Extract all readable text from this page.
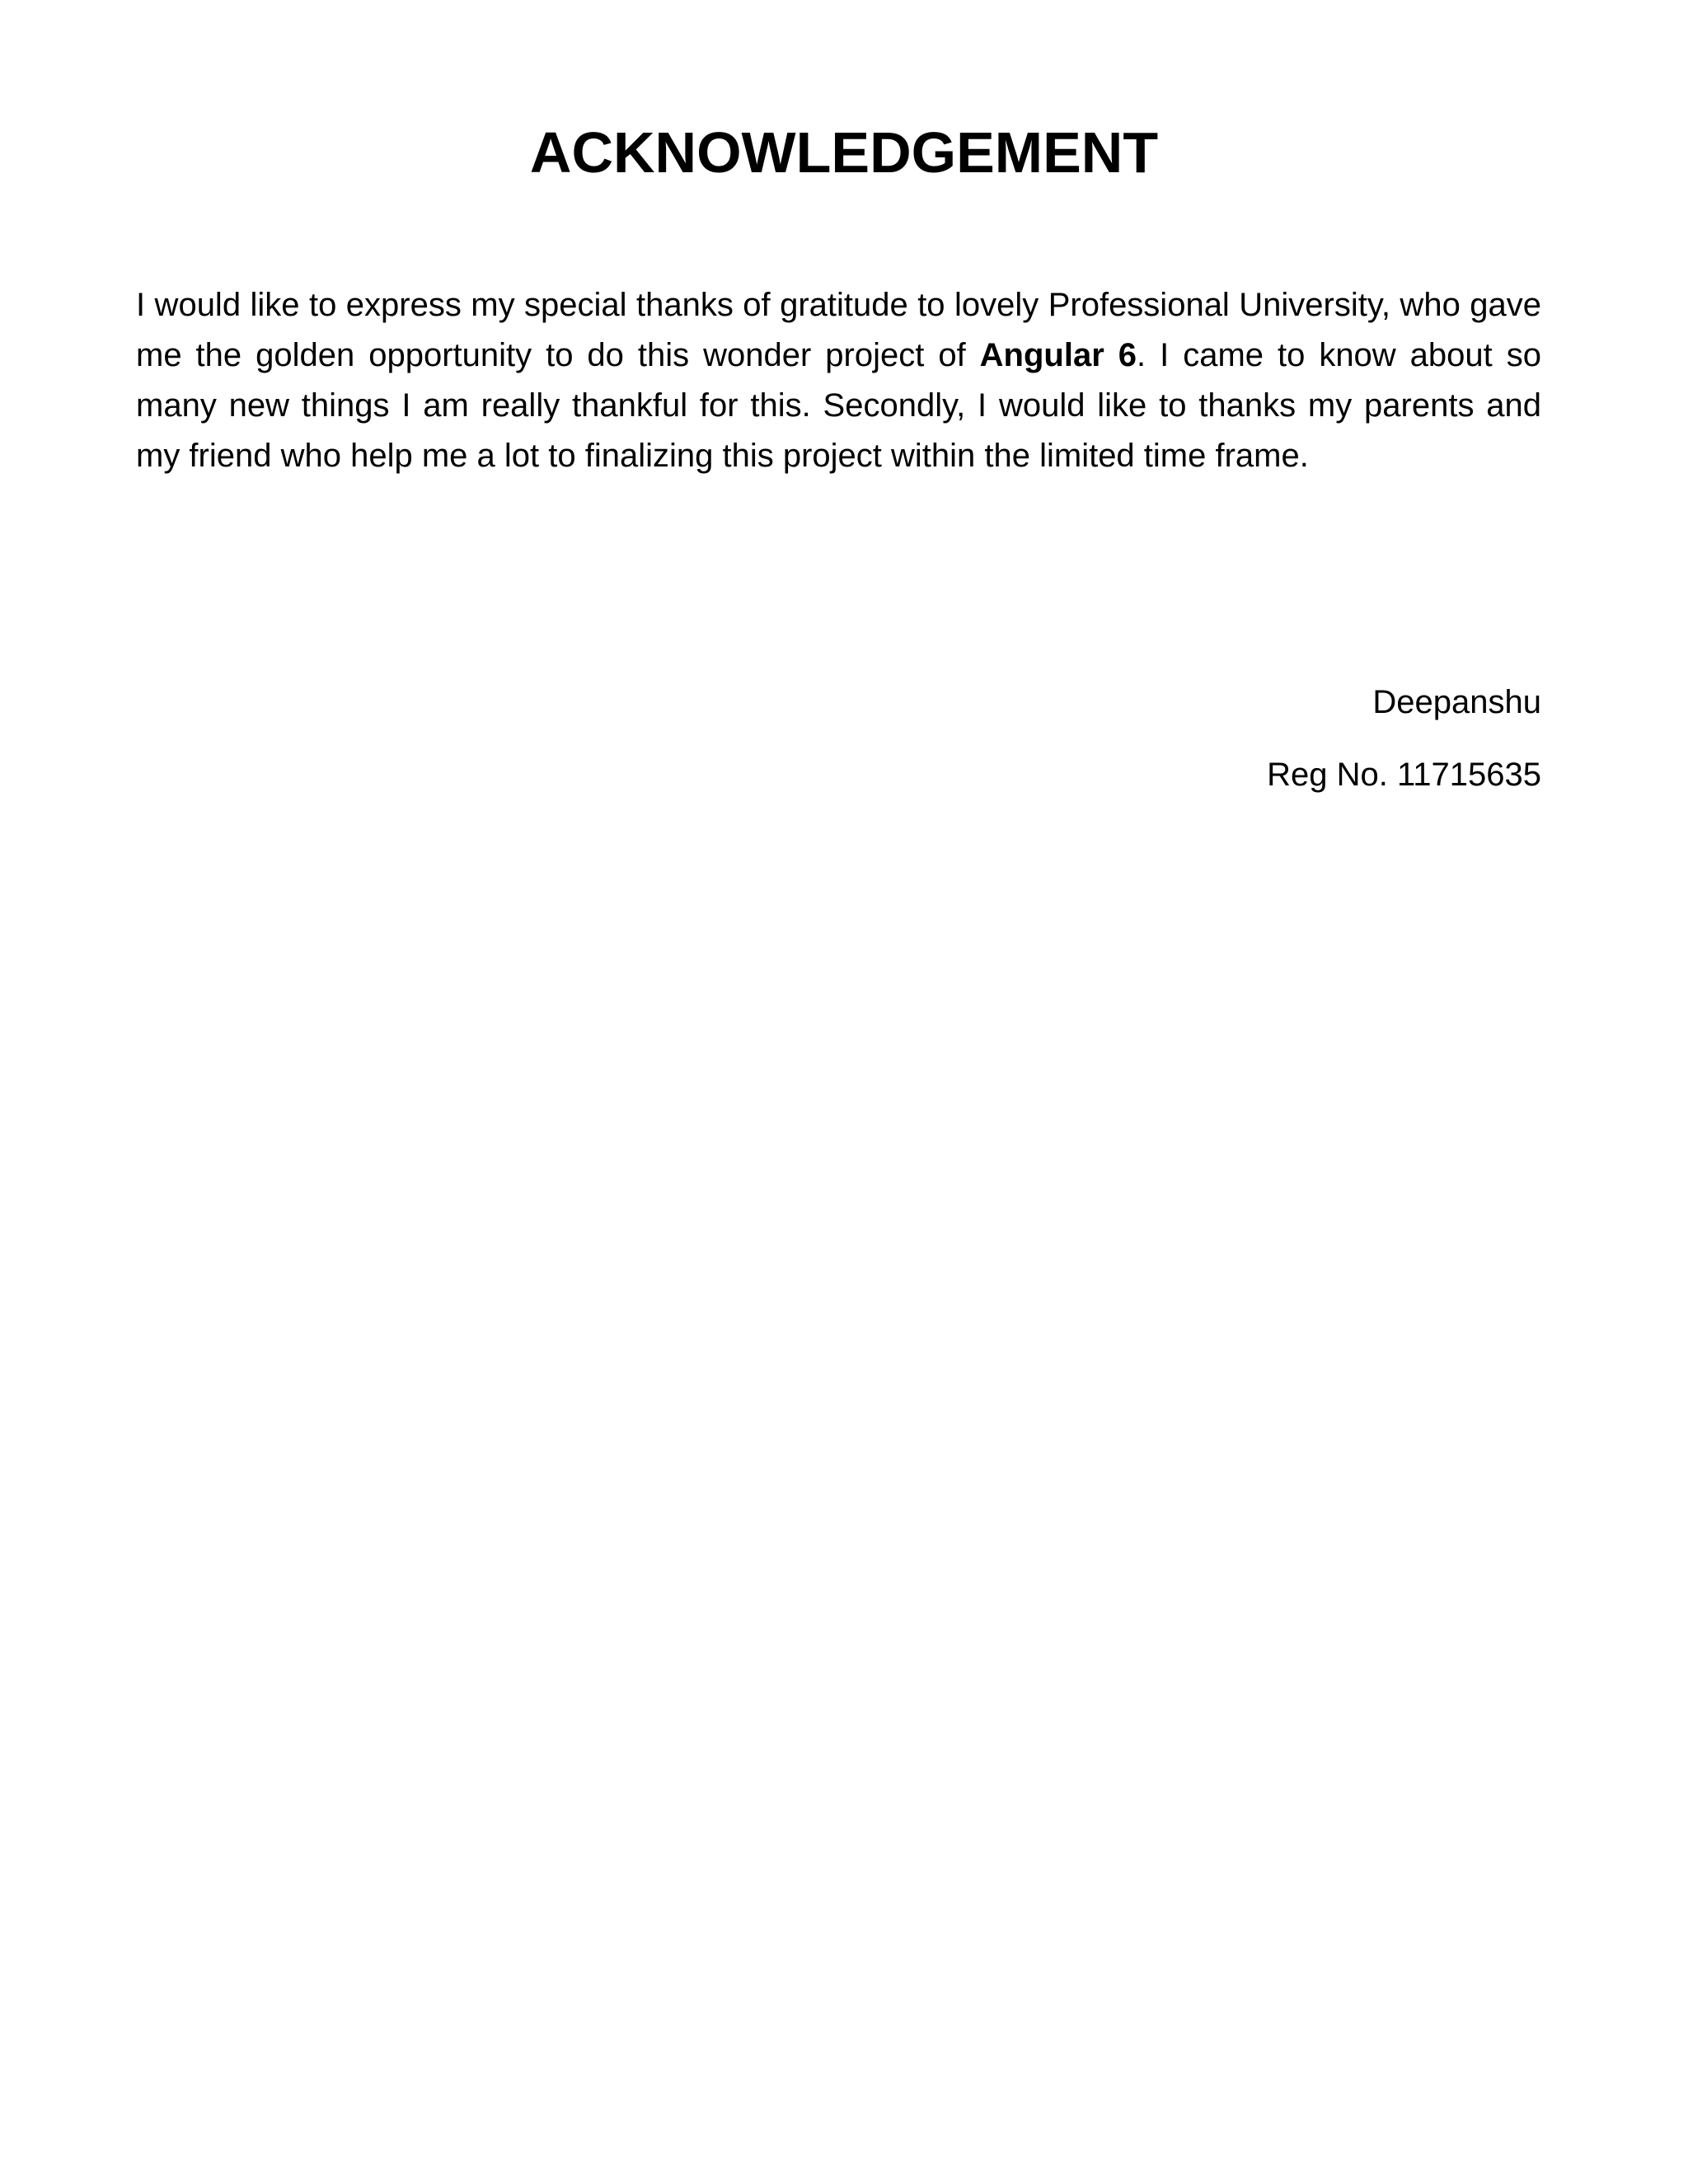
ACKNOWLEDGEMENT

I would like to express my special thanks of gratitude to lovely Professional University, who gave me the golden opportunity to do this wonder project of Angular 6. I came to know about so many new things I am really thankful for this. Secondly, I would like to thanks my parents and my friend who help me a lot to finalizing this project within the limited time frame.

Deepanshu
Reg No. 11715635
